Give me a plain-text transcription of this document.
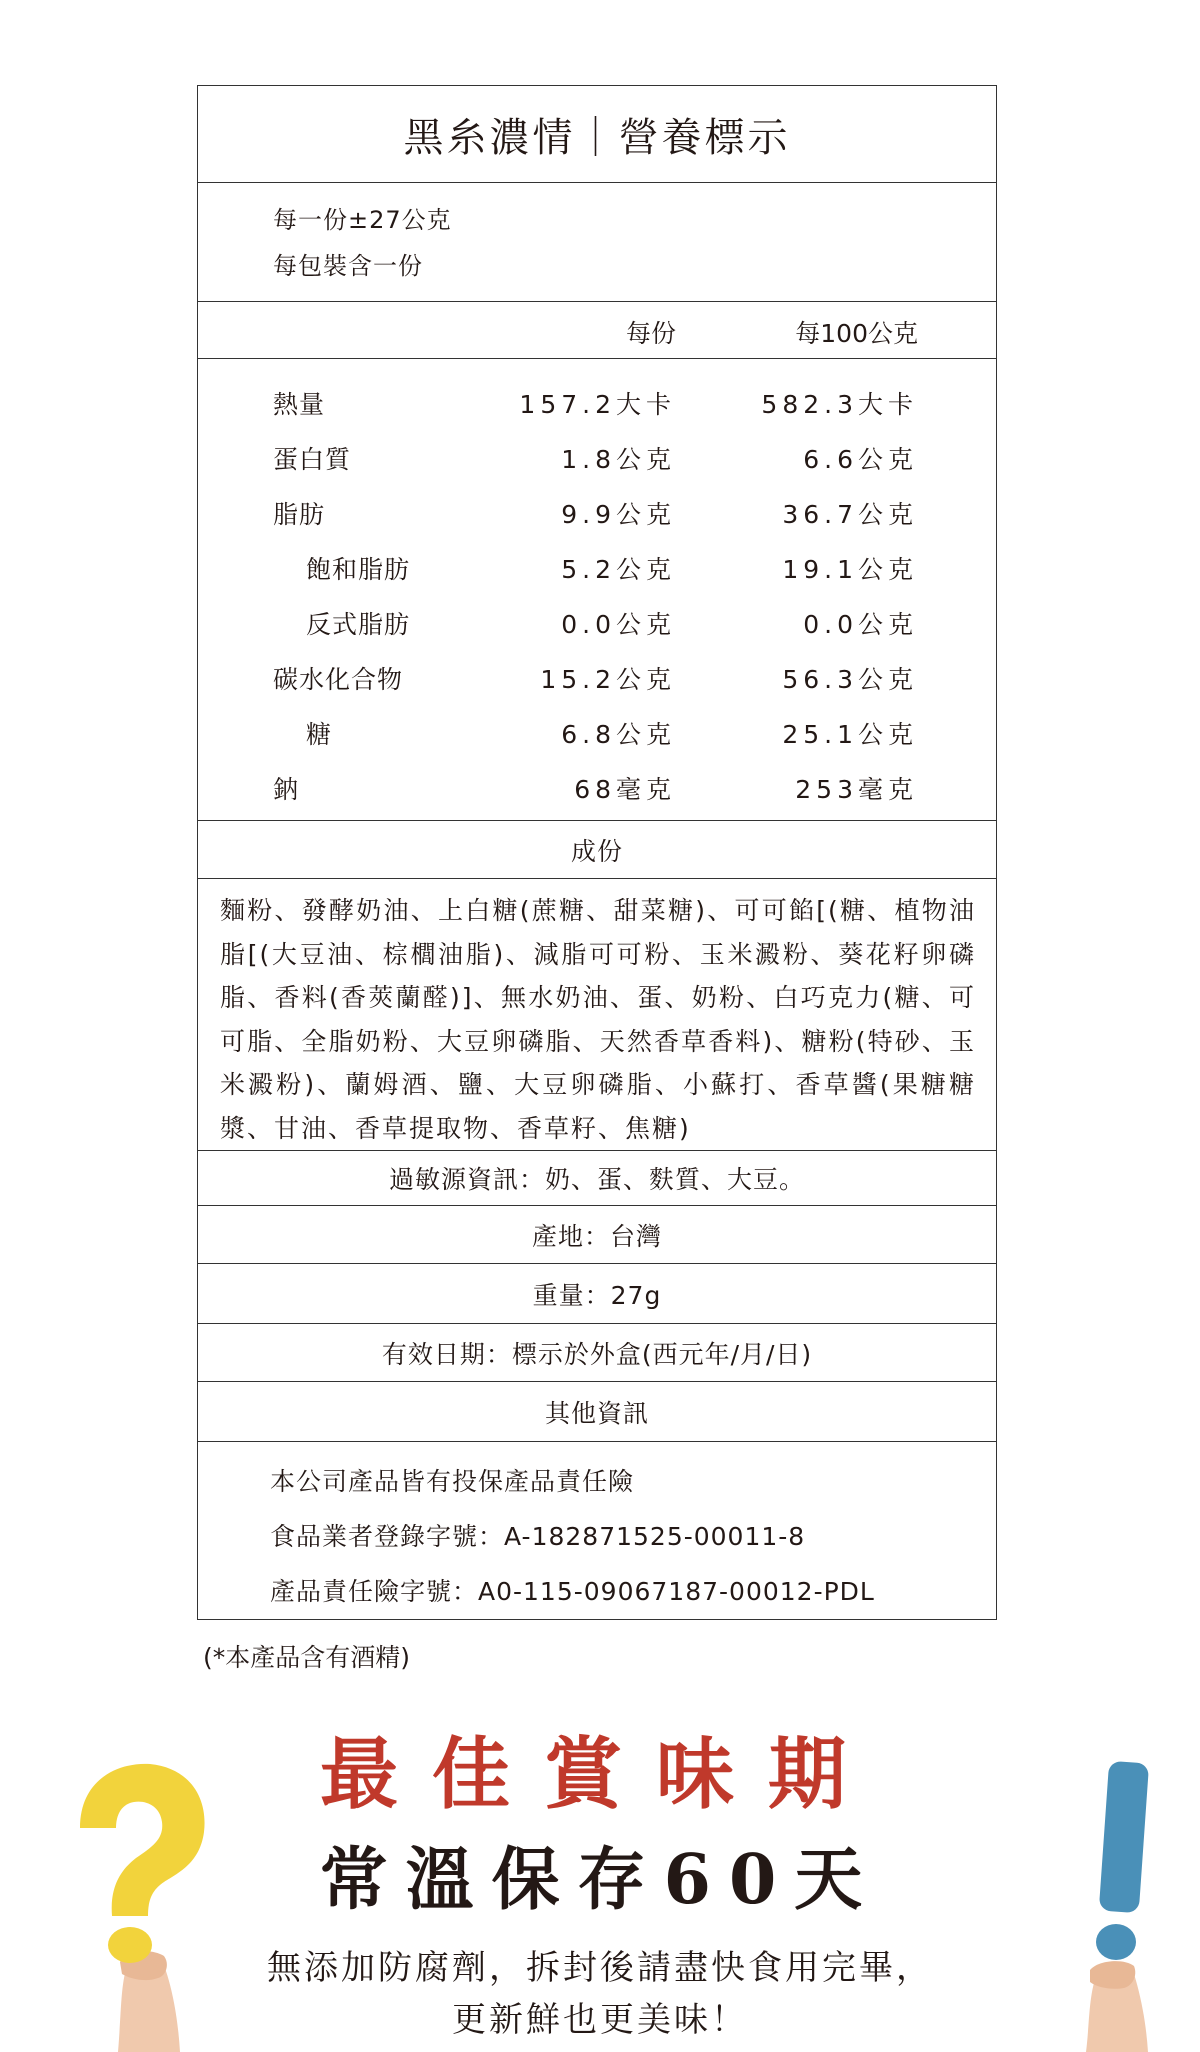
黑糸濃情｜營養標示
每一份±27公克
每包裝含一份
每份	每100公克
熱量	157.2大卡	582.3大卡
蛋白質	1.8公克	6.6公克
脂肪	9.9公克	36.7公克
飽和脂肪	5.2公克	19.1公克
反式脂肪	0.0公克	0.0公克
碳水化合物	15.2公克	56.3公克
糖	6.8公克	25.1公克
鈉	68毫克	253毫克
成份
麵粉、發酵奶油、上白糖(蔗糖、甜菜糖)、可可餡[(糖、植物油脂[(大豆油、棕櫚油脂)、減脂可可粉、玉米澱粉、葵花籽卵磷脂、香料(香莢蘭醛)]、無水奶油、蛋、奶粉、白巧克力(糖、可可脂、全脂奶粉、大豆卵磷脂、天然香草香料)、糖粉(特砂、玉米澱粉)、蘭姆酒、鹽、大豆卵磷脂、小蘇打、香草醬(果糖糖漿、甘油、香草提取物、香草籽、焦糖)
過敏源資訊：奶、蛋、麩質、大豆。
產地：台灣
重量：27g
有效日期：標示於外盒(西元年/月/日)
其他資訊
本公司產品皆有投保產品責任險
食品業者登錄字號：A-182871525-00011-8
產品責任險字號：A0-115-09067187-00012-PDL
(*本產品含有酒精)
最佳賞味期
常溫保存60天
無添加防腐劑，拆封後請盡快食用完畢，
更新鮮也更美味！
